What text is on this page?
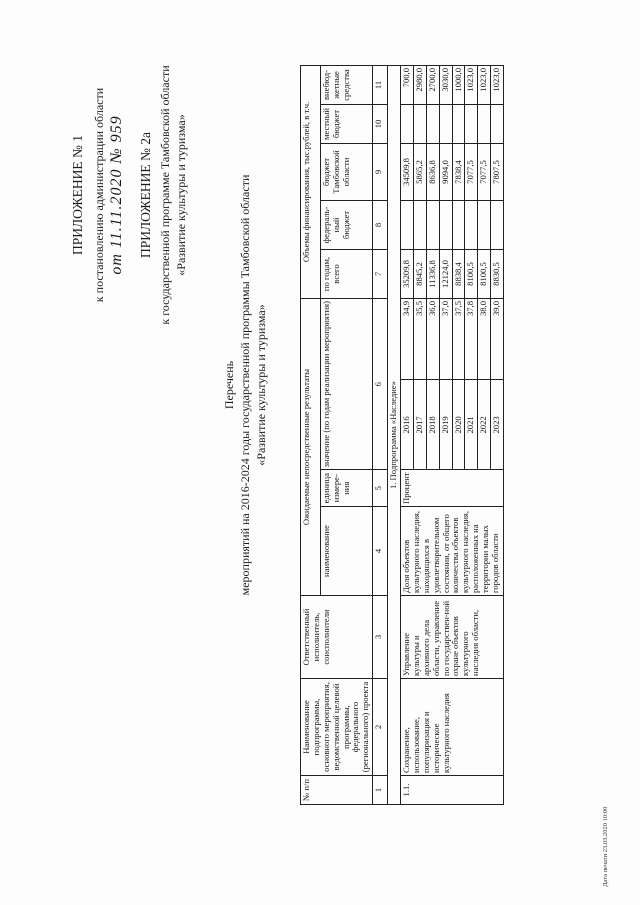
ПРИЛОЖЕНИЕ № 1 к постановлению администрации области от 11.11.2020 № 959 ПРИЛОЖЕНИЕ № 2а к государственной программе Тамбовской области «Развитие культуры и туризма»
Перечень мероприятий на 2016-2024 годы государственной программы Тамбовской области «Развитие культуры и туризма»
№ п/п	Наименование подпрограммы, основного мероприятия, ведомственной целевой программы, федерального (регионального) проекта	Ответственный исполнитель, соисполнители	Ожидаемые непосредственные результаты				Объемы финансирования, тыс.рублей, в т.ч.				
			наименование	единица измере-ния	значение (по годам реализации мероприятия)		по годам, всего	федераль-ный бюджет	бюджет Тамбовской области	местный бюджет	внебюд-жетные средства
1	2	3	4	5	6		7	8	9	10	11
1. Подпрограмма «Наследие»											
1.1.	Сохранение, использование, популяризация и историческое культурного наследия	Управление культуры и архивного дела области, управление по государствен-ной охране объектов культурного наследия области,	Доля объектов культурного наследия, находящихся в удовлетворительном состоянии, от общего количества объектов культурного наследия, расположенных на территории малых городов области	Процент	2016	34,9	35209,8		34509,8		700,0
					2017	35,5	8845,2		5865,2		2980,0
					2018	36,0	11336,8		8636,8		2700,0
					2019	37,0	12124,0		9094,0		3030,0
					2020	37,5	8838,4		7838,4		1000,0
					2021	37,8	8100,5		7077,5		1023,0
					2022	38,0	8100,5		7077,5		1023,0
					2023	39,0	8830,5		7807,5		1023,0
Дата печати 23.03.2020 10:00
